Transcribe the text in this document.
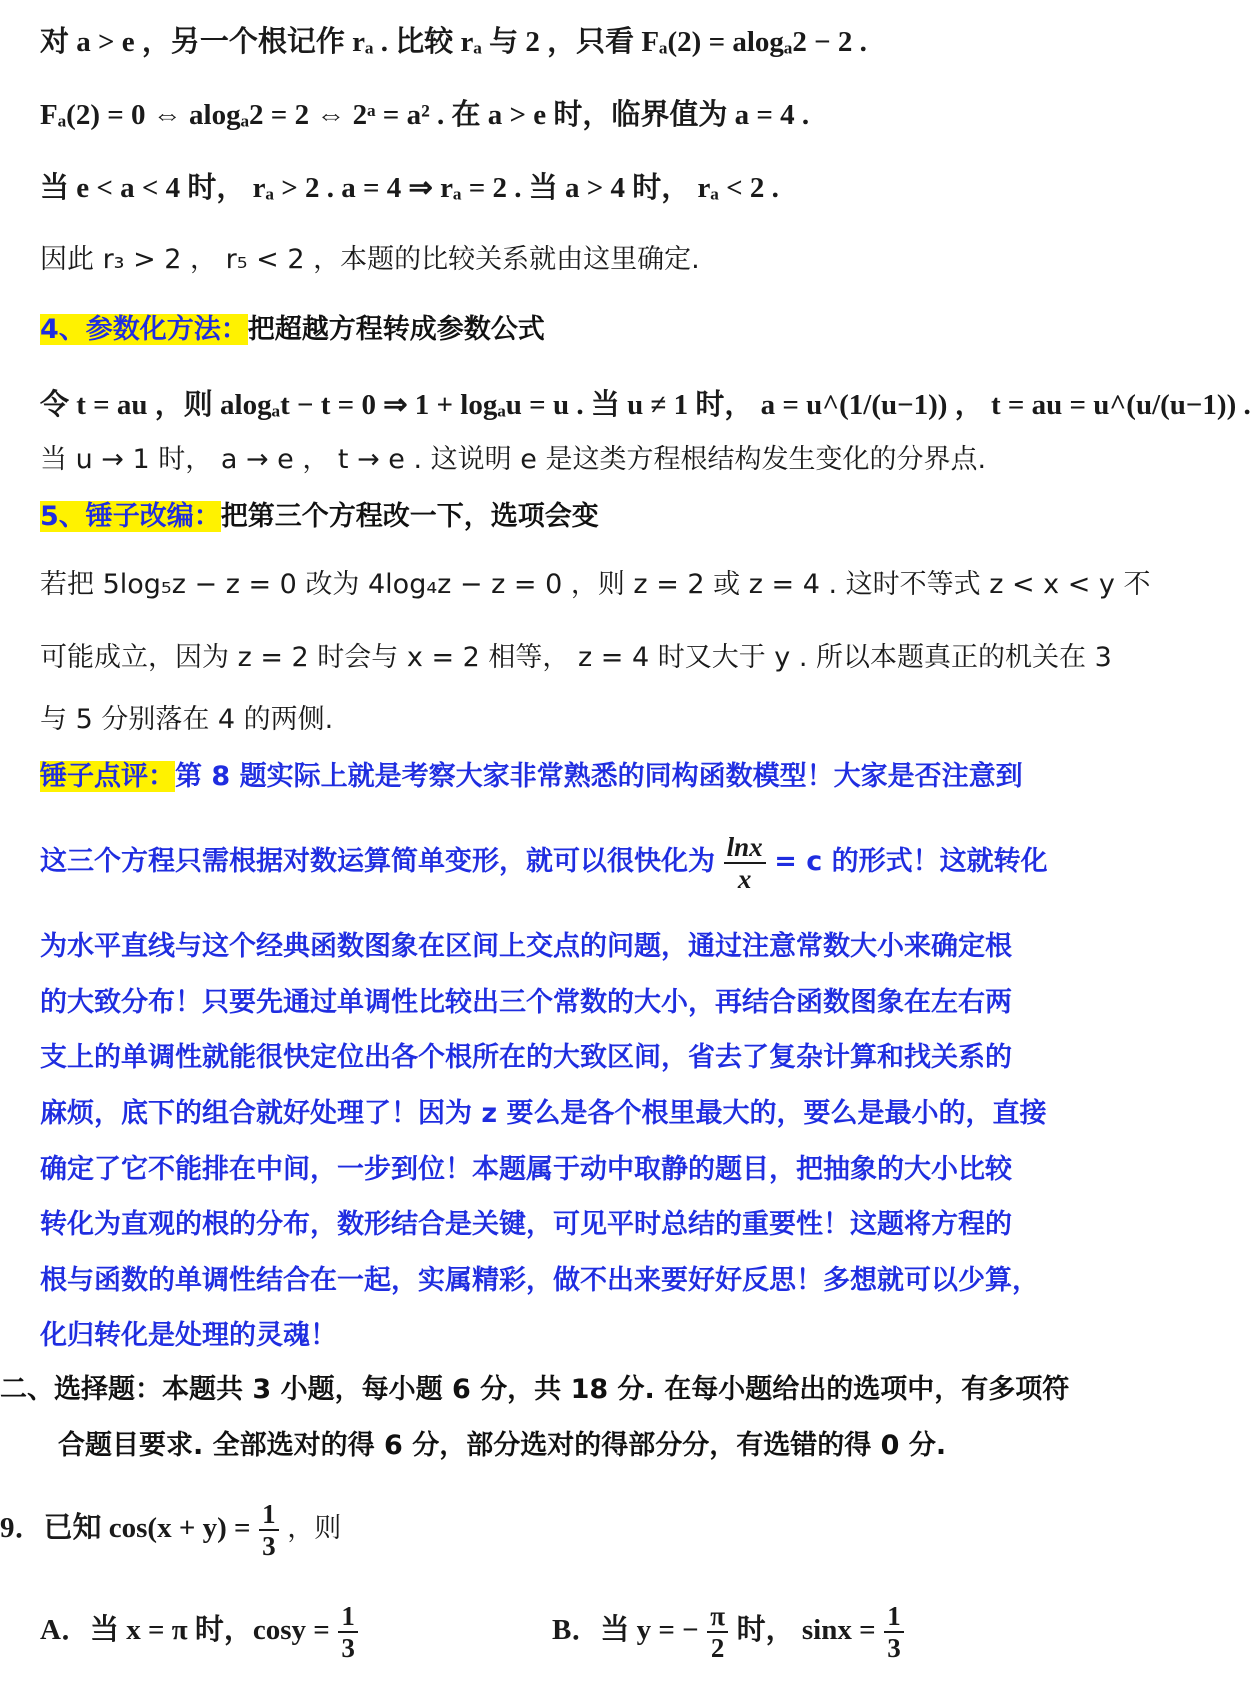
对 a > e ，另一个根记作 rₐ . 比较 rₐ 与 2 ，只看 Fₐ(2) = alogₐ2 − 2 .
Fₐ(2) = 0 ⇔ alogₐ2 = 2 ⇔ 2ᵃ = a² . 在 a > e 时，临界值为 a = 4 .
当 e < a < 4 时， rₐ > 2 . a = 4 ⇒ rₐ = 2 . 当 a > 4 时， rₐ < 2 .
因此 r₃ > 2 ， r₅ < 2 ，本题的比较关系就由这里确定.
4、参数化方法：把超越方程转成参数公式
令 t = au ，则 alogₐt − t = 0 ⇒ 1 + logₐu = u . 当 u ≠ 1 时， a = u^(1/(u−1)) ， t = au = u^(u/(u−1)) .
当 u → 1 时， a → e ， t → e . 这说明 e 是这类方程根结构发生变化的分界点.
5、锤子改编：把第三个方程改一下，选项会变
若把 5log₅z − z = 0 改为 4log₄z − z = 0 ，则 z = 2 或 z = 4 . 这时不等式 z < x < y 不
可能成立，因为 z = 2 时会与 x = 2 相等， z = 4 时又大于 y . 所以本题真正的机关在 3
与 5 分别落在 4 的两侧.
锤子点评：第 8 题实际上就是考察大家非常熟悉的同构函数模型！大家是否注意到
这三个方程只需根据对数运算简单变形，就可以很快化为 $\frac{\ln x}{x} = c$ 的形式！这就转化
为水平直线与这个经典函数图象在区间上交点的问题，通过注意常数大小来确定根
的大致分布！只要先通过单调性比较出三个常数的大小，再结合函数图象在左右两
支上的单调性就能很快定位出各个根所在的大致区间，省去了复杂计算和找关系的
麻烦，底下的组合就好处理了！因为 z 要么是各个根里最大的，要么是最小的，直接
确定了它不能排在中间，一步到位！本题属于动中取静的题目，把抽象的大小比较
转化为直观的根的分布，数形结合是关键，可见平时总结的重要性！这题将方程的
根与函数的单调性结合在一起，实属精彩，做不出来要好好反思！多想就可以少算，
化归转化是处理的灵魂！
二、选择题：本题共 3 小题，每小题 6 分，共 18 分. 在每小题给出的选项中，有多项符
合题目要求. 全部选对的得 6 分，部分选对的得部分分，有选错的得 0 分.
9．已知 $\cos(x + y) = \frac{1}{3}$ ，则
A．当 x = π 时，$\cos y = \frac{1}{3}$	B．当 y = − $\frac{\pi}{2}$ 时， $\sin x = \frac{1}{3}$
